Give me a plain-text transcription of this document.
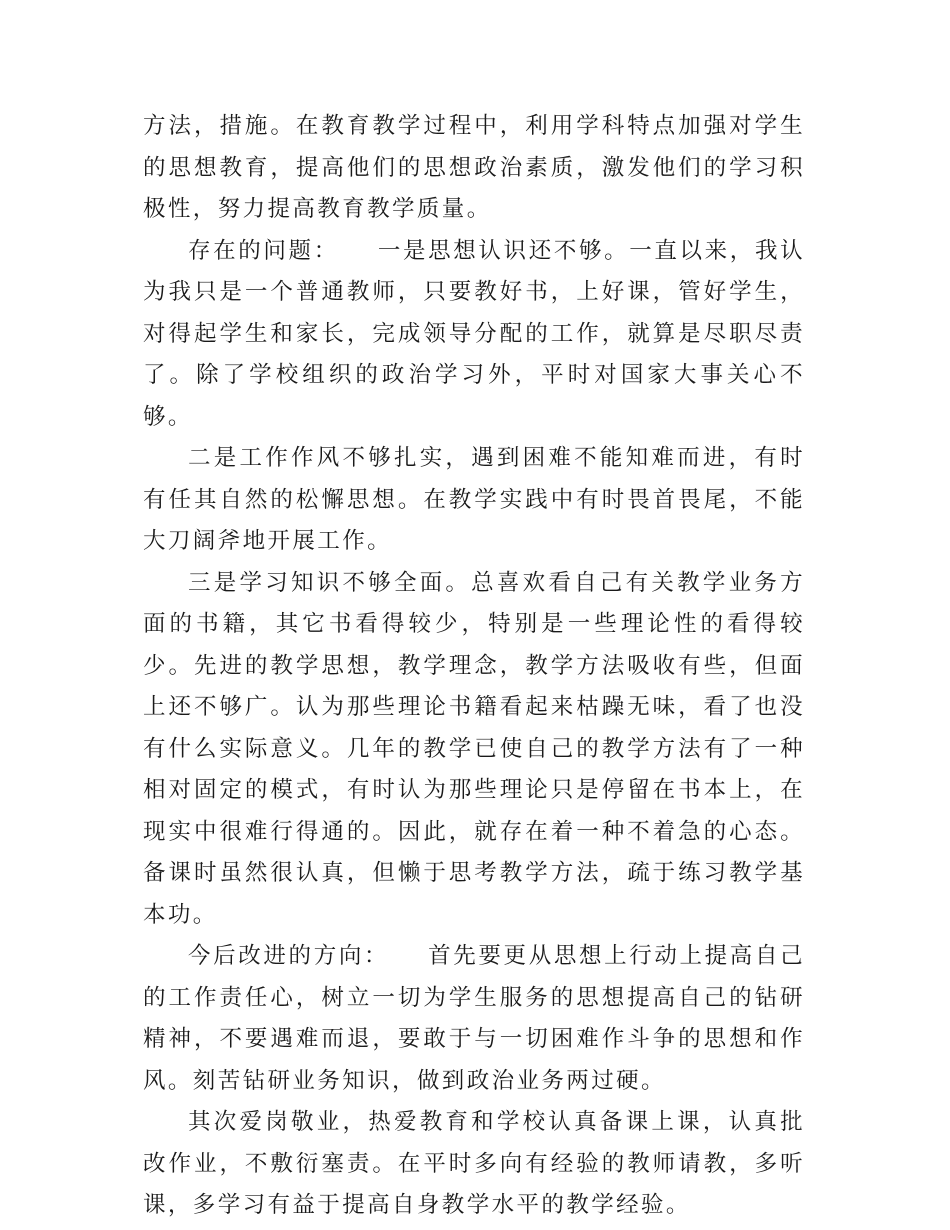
方法，措施。在教育教学过程中，利用学科特点加强对学生的思想教育，提高他们的思想政治素质，激发他们的学习积极性，努力提高教育教学质量。

存在的问题：　　一是思想认识还不够。一直以来，我认为我只是一个普通教师，只要教好书，上好课，管好学生，对得起学生和家长，完成领导分配的工作，就算是尽职尽责了。除了学校组织的政治学习外，平时对国家大事关心不够。

二是工作作风不够扎实，遇到困难不能知难而进，有时有任其自然的松懈思想。在教学实践中有时畏首畏尾，不能大刀阔斧地开展工作。

三是学习知识不够全面。总喜欢看自己有关教学业务方面的书籍，其它书看得较少，特别是一些理论性的看得较少。先进的教学思想，教学理念，教学方法吸收有些，但面上还不够广。认为那些理论书籍看起来枯躁无味，看了也没有什么实际意义。几年的教学已使自己的教学方法有了一种相对固定的模式，有时认为那些理论只是停留在书本上，在现实中很难行得通的。因此，就存在着一种不着急的心态。备课时虽然很认真，但懒于思考教学方法，疏于练习教学基本功。

今后改进的方向：　　首先要更从思想上行动上提高自己的工作责任心，树立一切为学生服务的思想提高自己的钻研精神，不要遇难而退，要敢于与一切困难作斗争的思想和作风。刻苦钻研业务知识，做到政治业务两过硬。

其次爱岗敬业，热爱教育和学校认真备课上课，认真批改作业，不敷衍塞责。在平时多向有经验的教师请教，多听课，多学习有益于提高自身教学水平的教学经验。
